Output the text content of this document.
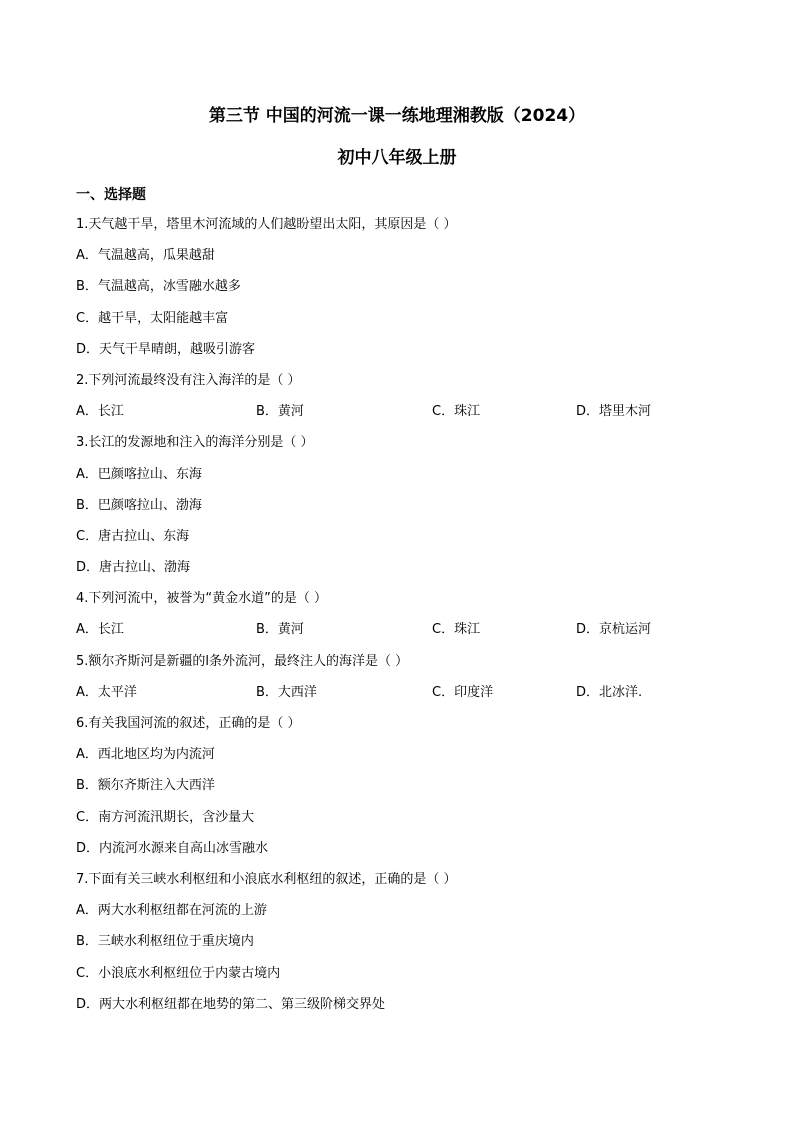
第三节 中国的河流一课一练地理湘教版（2024）
初中八年级上册
一、选择题
1.天气越干旱，塔里木河流域的人们越盼望出太阳，其原因是（ ）
A．气温越高，瓜果越甜
B．气温越高，冰雪融水越多
C．越干旱，太阳能越丰富
D．天气干旱晴朗，越吸引游客
2.下列河流最终没有注入海洋的是（ ）
A．长江	B．黄河	C．珠江	D．塔里木河
3.长江的发源地和注入的海洋分别是（ ）
A．巴颜喀拉山、东海
B．巴颜喀拉山、渤海
C．唐古拉山、东海
D．唐古拉山、渤海
4.下列河流中，被誉为“黄金水道”的是（ ）
A．长江	B．黄河	C．珠江	D．京杭运河
5.额尔齐斯河是新疆的l条外流河，最终注人的海洋是（ ）
A．太平洋	B．大西洋	C．印度洋	D．北冰洋.
6.有关我国河流的叙述，正确的是（ ）
A．西北地区均为内流河
B．额尔齐斯注入大西洋
C．南方河流汛期长，含沙量大
D．内流河水源来自高山冰雪融水
7.下面有关三峡水利枢纽和小浪底水利枢纽的叙述，正确的是（ ）
A．两大水利枢纽都在河流的上游
B．三峡水利枢纽位于重庆境内
C．小浪底水利枢纽位于内蒙古境内
D．两大水利枢纽都在地势的第二、第三级阶梯交界处
